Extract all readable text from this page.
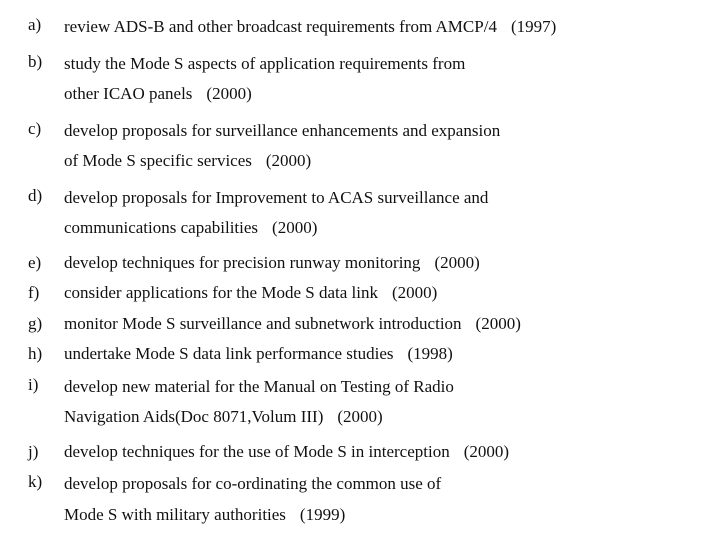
a)	review ADS-B and other broadcast requirements from AMCP/4 (1997)
b)	study the Mode S aspects of application requirements from
other ICAO panels (2000)
c)	develop proposals for surveillance enhancements and expansion
of Mode S specific services (2000)
d)	develop proposals for Improvement to ACAS surveillance and
communications capabilities (2000)
e)	develop techniques for precision runway monitoring (2000)
f)	consider applications for the Mode S data link (2000)
g)	monitor Mode S surveillance and subnetwork introduction (2000)
h)	undertake Mode S data link performance studies (1998)
i)	develop new material for the Manual on Testing of Radio
Navigation Aids(Doc 8071,Volum III) (2000)
j)	develop techniques for the use of Mode S in interception (2000)
k)	develop proposals for co-ordinating the common use of
Mode S with military authorities (1999)
